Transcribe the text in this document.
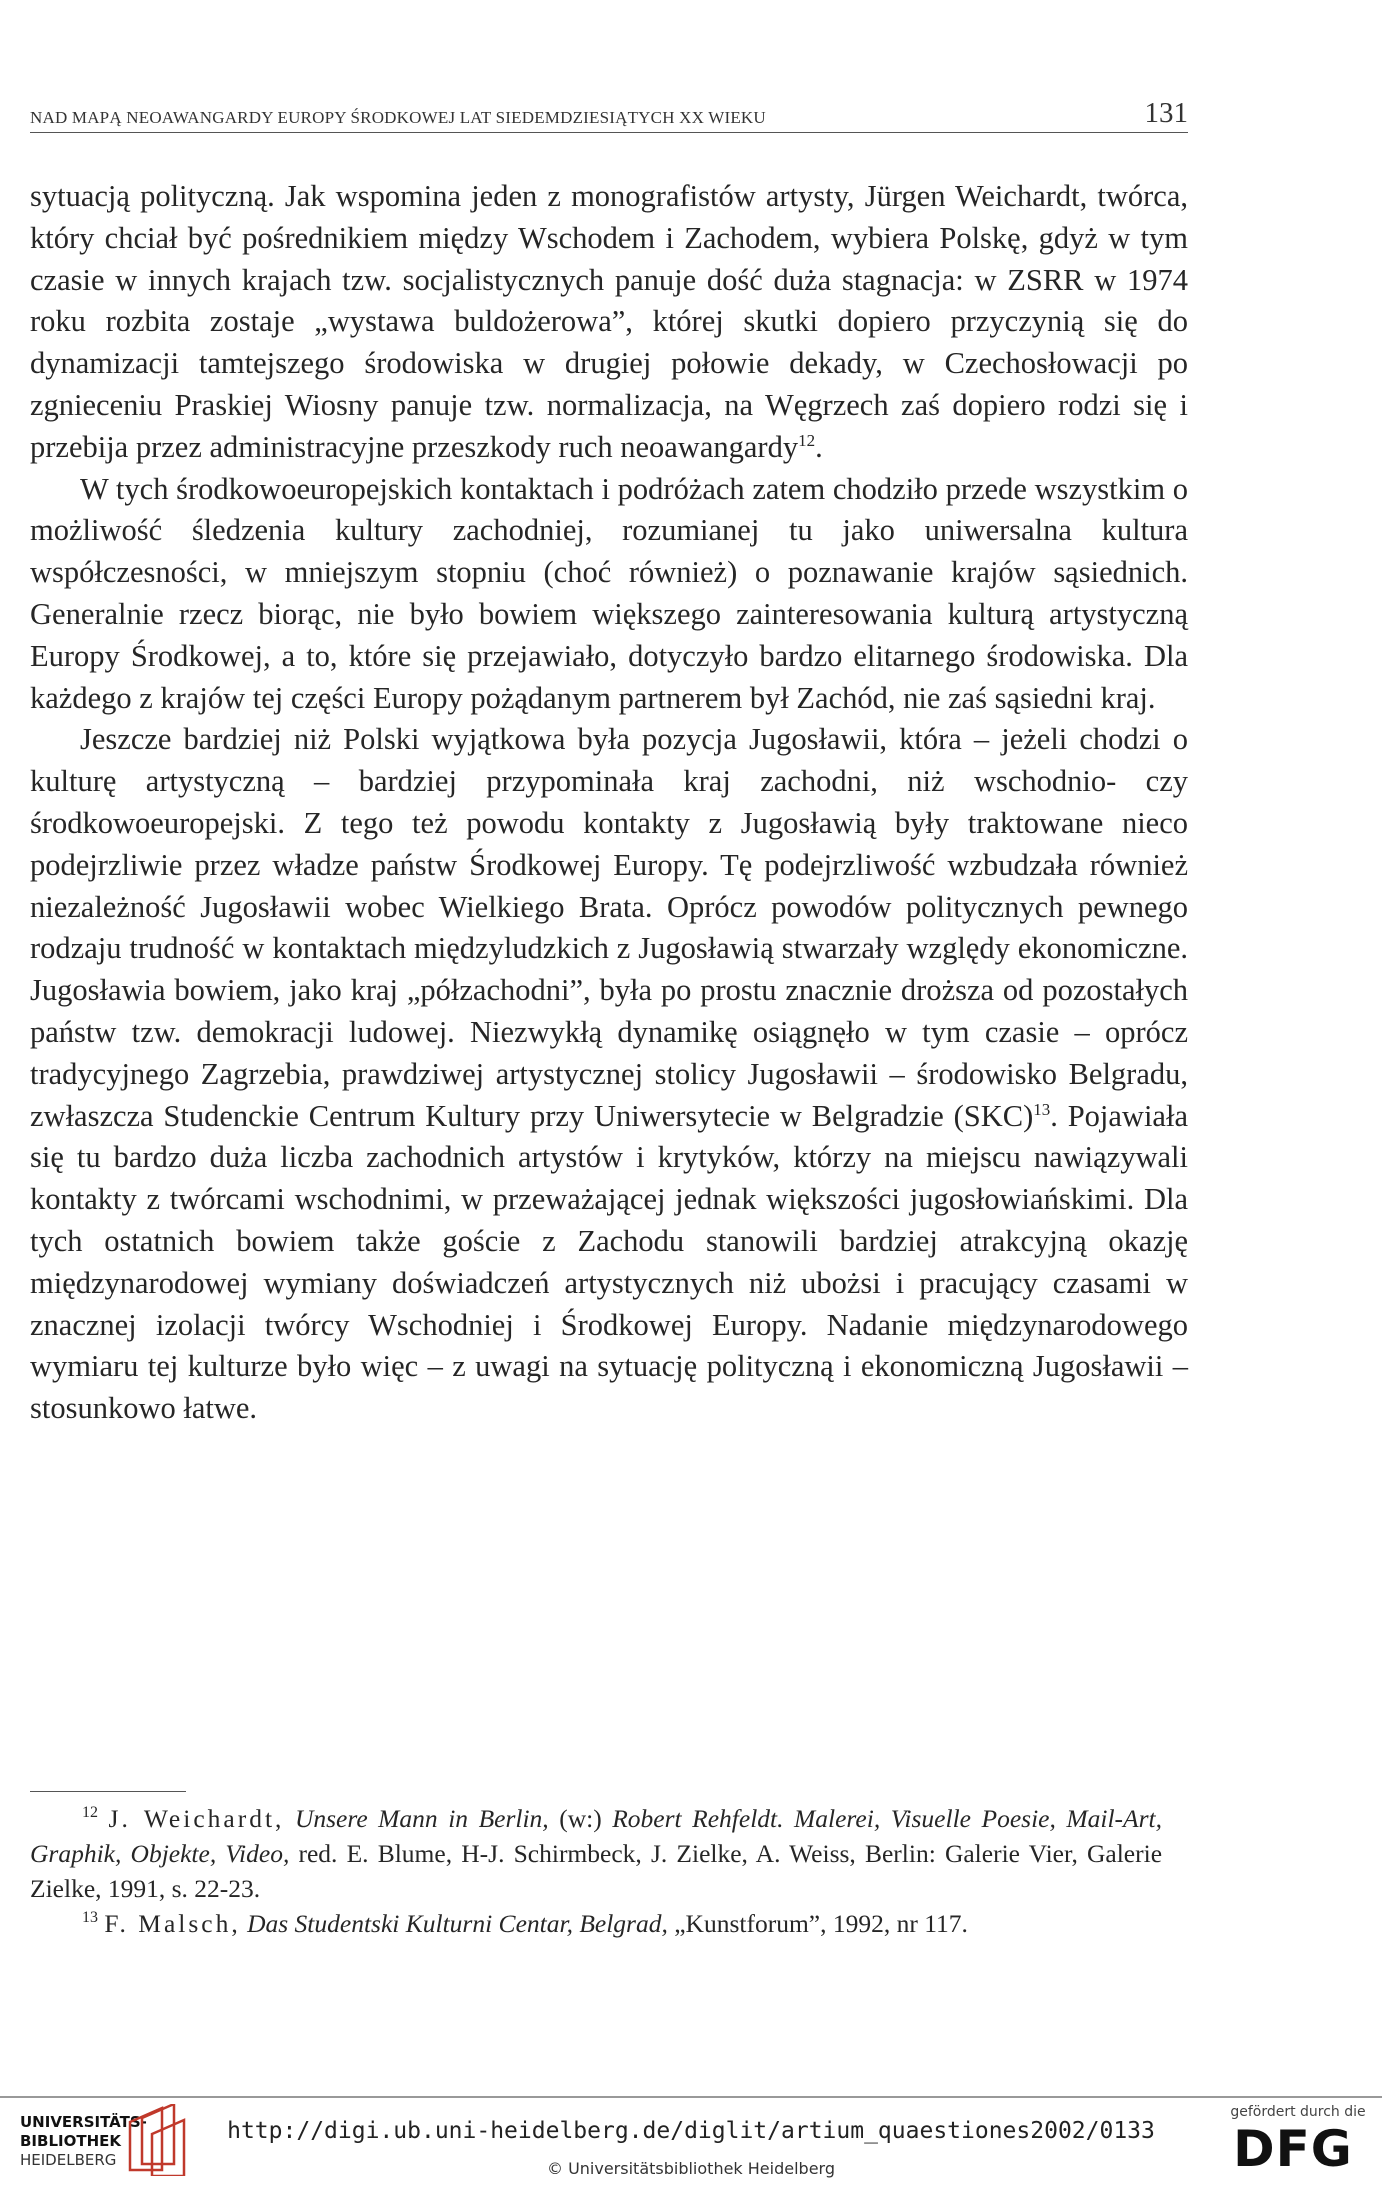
NAD MAPĄ NEOAWANGARDY EUROPY ŚRODKOWEJ LAT SIEDEMDZIESIĄTYCH XX WIEKU	131

sytuacją polityczną. Jak wspomina jeden z monografistów artysty, Jürgen Weichardt, twórca, który chciał być pośrednikiem między Wschodem i Zachodem, wybiera Polskę, gdyż w tym czasie w innych krajach tzw. socjalistycznych panuje dość duża stagnacja: w ZSRR w 1974 roku rozbita zostaje „wystawa buldożerowa”, której skutki dopiero przyczynią się do dynamizacji tamtejszego środowiska w drugiej połowie dekady, w Czechosłowacji po zgnieceniu Praskiej Wiosny panuje tzw. normalizacja, na Węgrzech zaś dopiero rodzi się i przebija przez administracyjne przeszkody ruch neoawangardy$^{12}$.

W tych środkowoeuropejskich kontaktach i podróżach zatem chodziło przede wszystkim o możliwość śledzenia kultury zachodniej, rozumianej tu jako uniwersalna kultura współczesności, w mniejszym stopniu (choć również) o poznawanie krajów sąsiednich. Generalnie rzecz biorąc, nie było bowiem większego zainteresowania kulturą artystyczną Europy Środkowej, a to, które się przejawiało, dotyczyło bardzo elitarnego środowiska. Dla każdego z krajów tej części Europy pożądanym partnerem był Zachód, nie zaś sąsiedni kraj.

Jeszcze bardziej niż Polski wyjątkowa była pozycja Jugosławii, która – jeżeli chodzi o kulturę artystyczną – bardziej przypominała kraj zachodni, niż wschodnio- czy środkowoeuropejski. Z tego też powodu kontakty z Jugosławią były traktowane nieco podejrzliwie przez władze państw Środkowej Europy. Tę podejrzliwość wzbudzała również niezależność Jugosławii wobec Wielkiego Brata. Oprócz powodów politycznych pewnego rodzaju trudność w kontaktach międzyludzkich z Jugosławią stwarzały względy ekonomiczne. Jugosławia bowiem, jako kraj „półzachodni”, była po prostu znacznie droższa od pozostałych państw tzw. demokracji ludowej. Niezwykłą dynamikę osiągnęło w tym czasie – oprócz tradycyjnego Zagrzebia, prawdziwej artystycznej stolicy Jugosławii – środowisko Belgradu, zwłaszcza Studenckie Centrum Kultury przy Uniwersytecie w Belgradzie (SKC)$^{13}$. Pojawiała się tu bardzo duża liczba zachodnich artystów i krytyków, którzy na miejscu nawiązywali kontakty z twórcami wschodnimi, w przeważającej jednak większości jugosłowiańskimi. Dla tych ostatnich bowiem także goście z Zachodu stanowili bardziej atrakcyjną okazję międzynarodowej wymiany doświadczeń artystycznych niż ubożsi i pracujący czasami w znacznej izolacji twórcy Wschodniej i Środkowej Europy. Nadanie międzynarodowego wymiaru tej kulturze było więc – z uwagi na sytuację polityczną i ekonomiczną Jugosławii – stosunkowo łatwe.

$^{12}$ J. Weichardt, Unsere Mann in Berlin, (w:) Robert Rehfeldt. Malerei, Visuelle Poesie, Mail-Art, Graphik, Objekte, Video, red. E. Blume, H-J. Schirmbeck, J. Zielke, A. Weiss, Berlin: Galerie Vier, Galerie Zielke, 1991, s. 22-23.

$^{13}$ F. Malsch, Das Studentski Kulturni Centar, Belgrad, „Kunstforum”, 1992, nr 117.

UNIVERSITÄTS-
BIBLIOTHEK
HEIDELBERG
http://digi.ub.uni-heidelberg.de/diglit/artium_quaestiones2002/0133
© Universitätsbibliothek Heidelberg
gefördert durch die
DFG
